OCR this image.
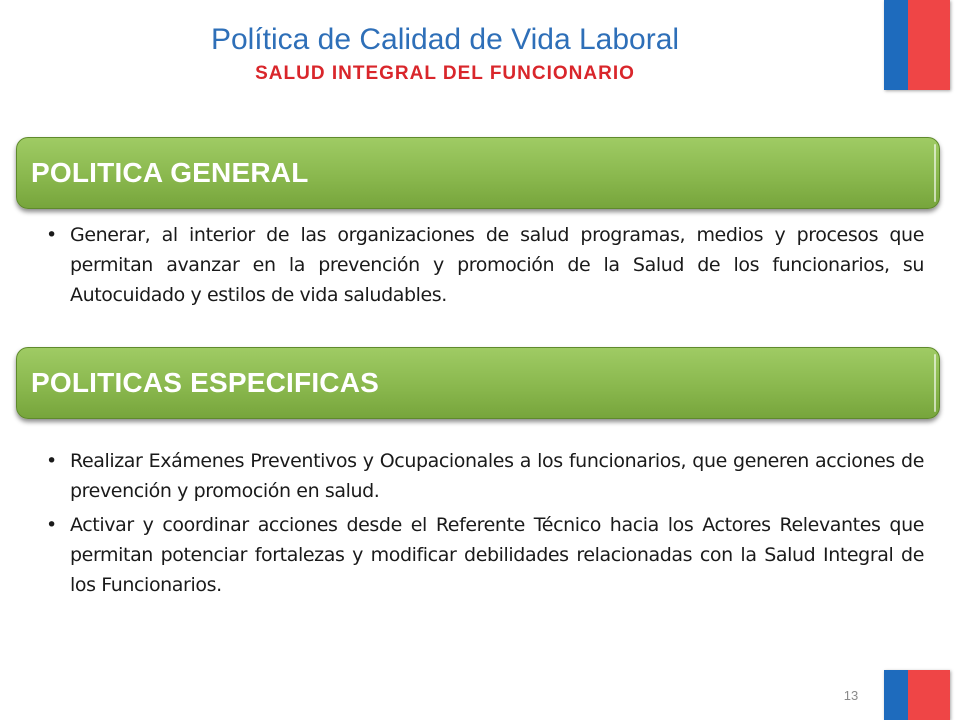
Política de Calidad de Vida Laboral
SALUD INTEGRAL DEL FUNCIONARIO
POLITICA GENERAL
• Generar, al interior de las organizaciones de salud programas, medios y procesos que permitan avanzar en la prevención y promoción de la Salud de los funcionarios, su Autocuidado y estilos de vida saludables.
POLITICAS ESPECIFICAS
• Realizar Exámenes Preventivos y Ocupacionales a los funcionarios, que generen acciones de prevención y promoción en salud.
• Activar y coordinar acciones desde el Referente Técnico hacia los Actores Relevantes que permitan potenciar fortalezas y modificar debilidades relacionadas con la Salud Integral de los Funcionarios.
13
